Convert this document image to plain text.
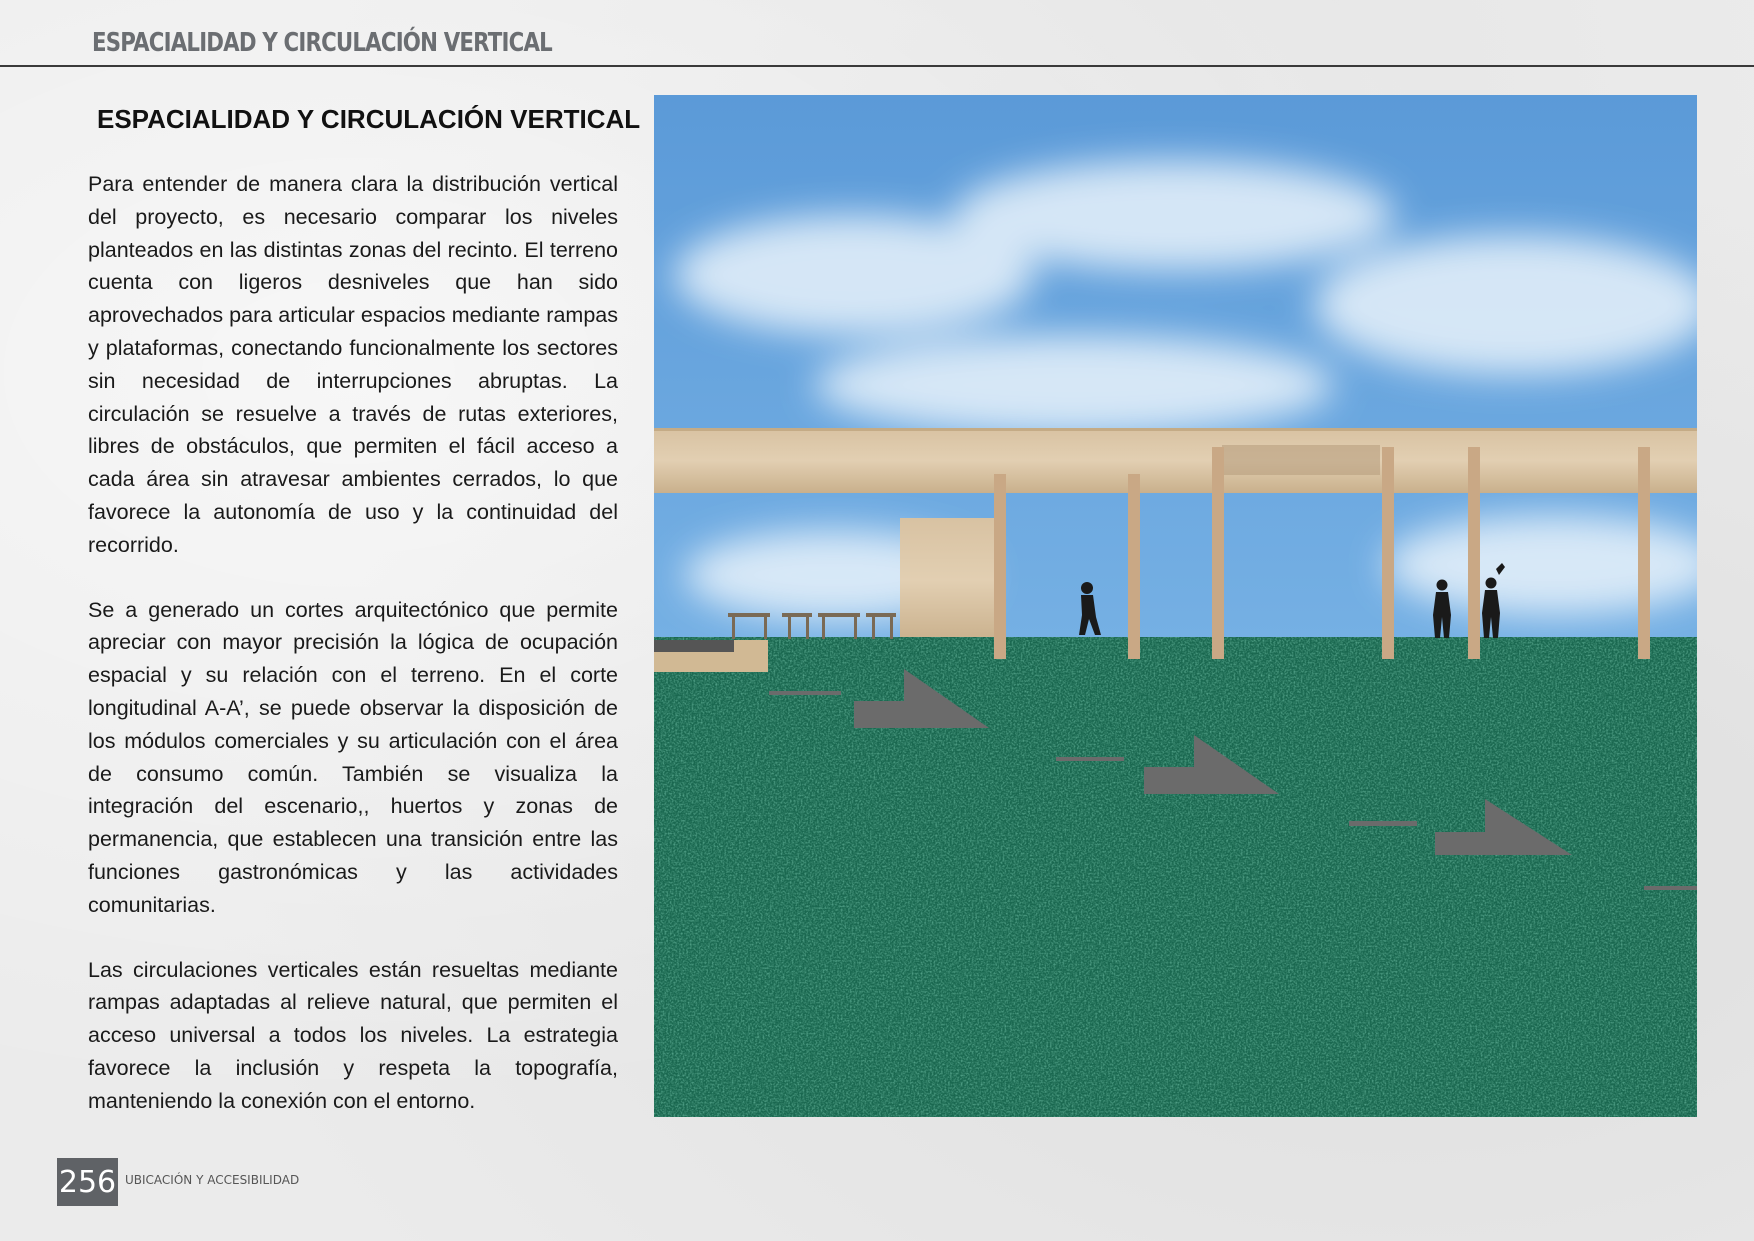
ESPACIALIDAD Y CIRCULACIÓN VERTICAL
ESPACIALIDAD Y CIRCULACIÓN VERTICAL

Para entender de manera clara la distribución vertical del proyecto, es necesario comparar los niveles planteados en las distintas zonas del recinto. El terreno cuenta con ligeros desniveles que han sido aprovechados para articular espacios mediante rampas y plataformas, conectando funcionalmente los sectores sin necesidad de interrupciones abruptas. La circulación se resuelve a través de rutas exteriores, libres de obstáculos, que permiten el fácil acceso a cada área sin atravesar ambientes cerrados, lo que favorece la autonomía de uso y la continuidad del recorrido.

Se a generado un cortes arquitectónico que permite apreciar con mayor precisión la lógica de ocupación espacial y su relación con el terreno. En el corte longitudinal A-A’, se puede observar la disposición de los módulos comerciales y su articulación con el área de consumo común. También se visualiza la integración del escenario,, huertos y zonas de permanencia, que establecen una transición entre las funciones gastronómicas y las actividades comunitarias.

Las circulaciones verticales están resueltas mediante rampas adaptadas al relieve natural, que permiten el acceso universal a todos los niveles. La estrategia favorece la inclusión y respeta la topografía, manteniendo la conexión con el entorno.

256 UBICACIÓN Y ACCESIBILIDAD
